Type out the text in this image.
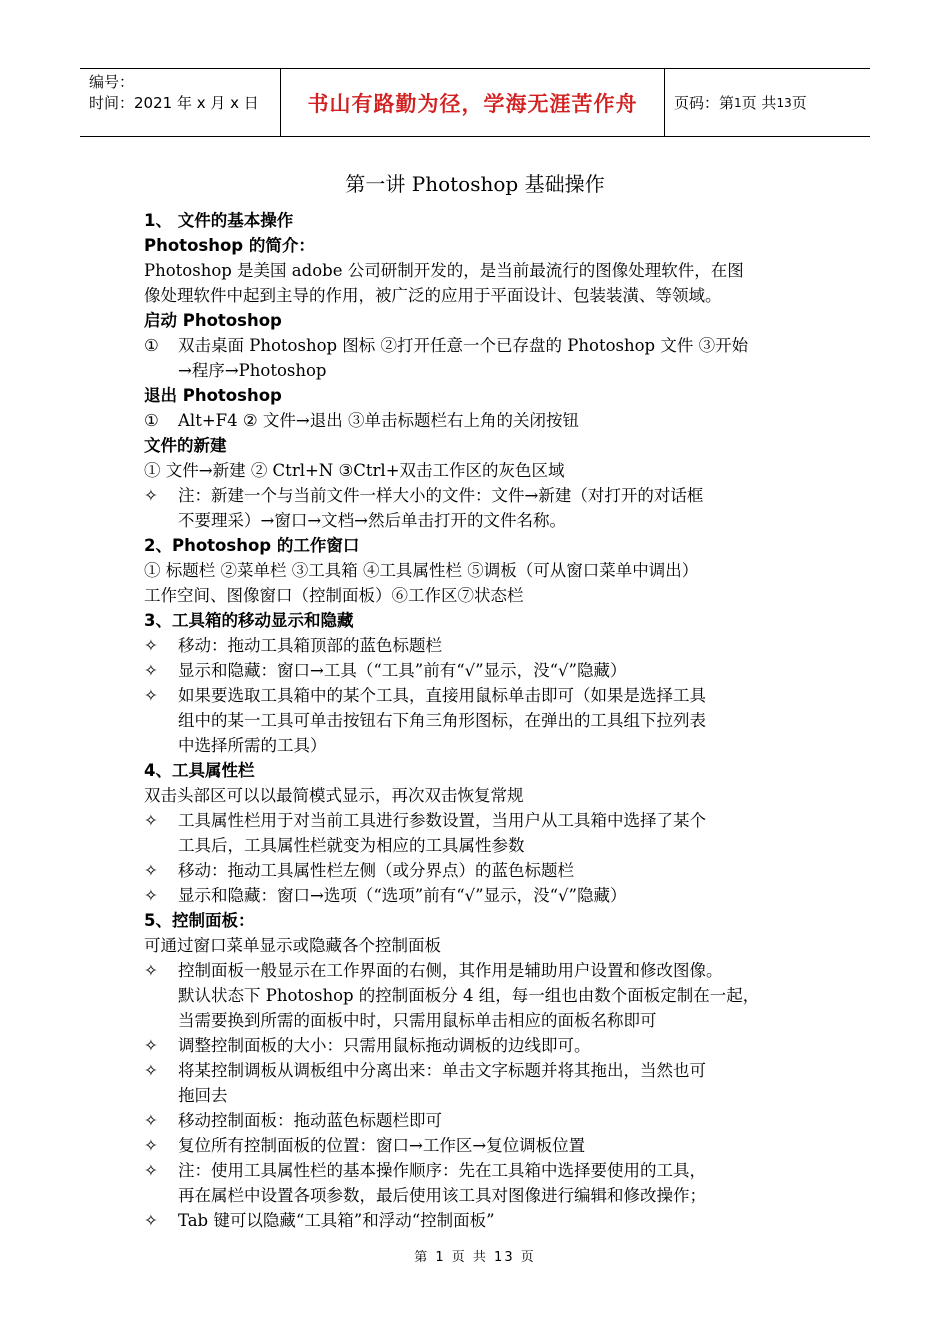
编号：
时间：2021 年 x 月 x 日	书山有路勤为径，学海无涯苦作舟	页码：第 1 页 共 13 页
第一讲 Photoshop 基础操作

1、 文件的基本操作

Photoshop 的简介：

Photoshop 是美国 adobe 公司研制开发的，是当前最流行的图像处理软件，在图

像处理软件中起到主导的作用，被广泛的应用于平面设计、包装装潢、等领域。

启动 Photoshop

①	双击桌面 Photoshop 图标 ②打开任意一个已存盘的 Photoshop 文件 ③开始
→程序→Photoshop

退出 Photoshop

①	Alt+F4 ② 文件→退出 ③单击标题栏右上角的关闭按钮

文件的新建

① 文件→新建 ② Ctrl+N ③Ctrl+双击工作区的灰色区域

✧	注：新建一个与当前文件一样大小的文件：文件→新建（对打开的对话框
不要理采）→窗口→文档→然后单击打开的文件名称。

2、Photoshop 的工作窗口

① 标题栏 ②菜单栏 ③工具箱 ④工具属性栏 ⑤调板（可从窗口菜单中调出）

工作空间、图像窗口（控制面板）⑥工作区⑦状态栏

3、工具箱的移动显示和隐藏

✧	移动：拖动工具箱顶部的蓝色标题栏
✧	显示和隐藏：窗口→工具（“工具”前有“√”显示，没“√”隐藏）
✧	如果要选取工具箱中的某个工具，直接用鼠标单击即可（如果是选择工具
组中的某一工具可单击按钮右下角三角形图标，在弹出的工具组下拉列表
中选择所需的工具）

4、工具属性栏

双击头部区可以以最简模式显示，再次双击恢复常规

✧	工具属性栏用于对当前工具进行参数设置，当用户从工具箱中选择了某个
工具后，工具属性栏就变为相应的工具属性参数
✧	移动：拖动工具属性栏左侧（或分界点）的蓝色标题栏
✧	显示和隐藏：窗口→选项（“选项”前有“√”显示，没“√”隐藏）

5、控制面板：

可通过窗口菜单显示或隐藏各个控制面板

✧	控制面板一般显示在工作界面的右侧，其作用是辅助用户设置和修改图像。
默认状态下 Photoshop 的控制面板分 4 组，每一组也由数个面板定制在一起，
当需要换到所需的面板中时，只需用鼠标单击相应的面板名称即可
✧	调整控制面板的大小：只需用鼠标拖动调板的边线即可。
✧	将某控制调板从调板组中分离出来：单击文字标题并将其拖出，当然也可
拖回去
✧	移动控制面板：拖动蓝色标题栏即可
✧	复位所有控制面板的位置：窗口→工作区→复位调板位置
✧	注：使用工具属性栏的基本操作顺序：先在工具箱中选择要使用的工具，
再在属栏中设置各项参数，最后使用该工具对图像进行编辑和修改操作；
✧	Tab 键可以隐藏“工具箱”和浮动“控制面板”
第 1 页 共 13 页
